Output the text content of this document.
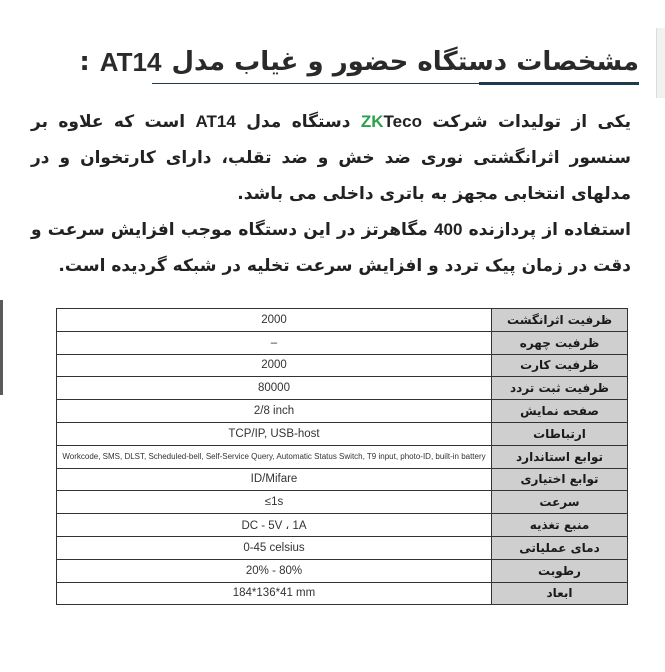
مشخصات دستگاه حضور و غیاب مدل
AT14
:

یکی از تولیدات شرکت ZKTeco دستگاه مدل AT14 است که علاوه بر سنسور اثرانگشتی نوری ضد خش و ضد تقلب، دارای کارتخوان و در مدلهای انتخابی مجهز به باتری داخلی می باشد.

استفاده از پردازنده 400 مگاهرتز در این دستگاه موجب افزایش سرعت و دقت در زمان پیک تردد و افزایش سرعت تخلیه در شبکه گردیده است.

2000	ظرفیت اثرانگشت
–	ظرفیت چهره
2000	ظرفیت کارت
80000	ظرفیت ثبت تردد
2/8 inch	صفحه نمایش
TCP/IP, USB-host	ارتباطات
Workcode, SMS, DLST, Scheduled-bell, Self-Service Query, Automatic Status Switch, T9 input, photo-ID, built-in battery	توابع استاندارد
ID/Mifare	توابع اختیاری
≤1s	سرعت
DC - 5V ، 1A	منبع تغذیه
0-45 celsius	دمای عملیاتی
20% - 80%	رطوبت
184*136*41 mm	ابعاد
